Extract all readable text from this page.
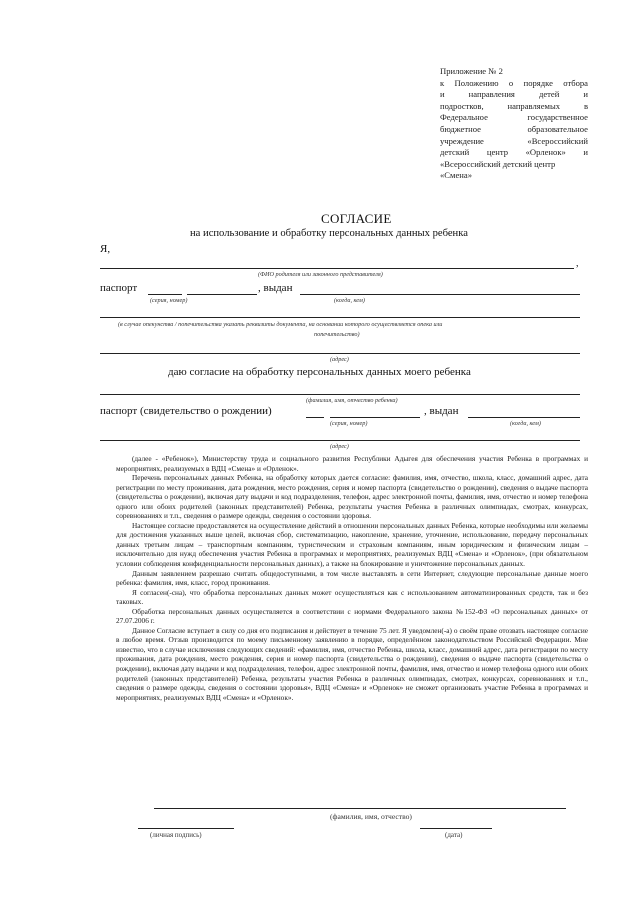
Приложение № 2
к Положению о порядке отбора
и направления детей и
подростков, направляемых в
Федеральное государственное
бюджетное образовательное
учреждение «Всероссийский
детский центр «Орленок» и
«Всероссийский детский центр
«Смена»
СОГЛАСИЕ
на использование и обработку персональных данных ребенка
Я,
,
(ФИО родителя или законного представителя)
паспорт	, выдан
(серия, номер)	(когда, кем)
(в случае опекунства / попечительства указать реквизиты документа, на основании которого осуществляется опека или
попечительство)
(адрес)
даю согласие на обработку персональных данных моего ребенка
(фамилия, имя, отчество ребенка)
паспорт (свидетельство о рождении)	, выдан
(серия, номер)	(когда, кем)
(адрес)

(далее - «Ребенок»), Министерству труда и социального развития Республики Адыгея для обеспечения участия Ребенка в программах и мероприятиях, реализуемых в ВДЦ «Смена» и «Орленок».

Перечень персональных данных Ребенка, на обработку которых дается согласие: фамилия, имя, отчество, школа, класс, домашний адрес, дата регистрации по месту проживания, дата рождения, место рождения, серия и номер паспорта (свидетельство о рождении), сведения о выдаче паспорта (свидетельства о рождении), включая дату выдачи и код подразделения, телефон, адрес электронной почты, фамилия, имя, отчество и номер телефона одного или обоих родителей (законных представителей) Ребенка, результаты участия Ребенка в различных олимпиадах, смотрах, конкурсах, соревнованиях и т.п., сведения о размере одежды, сведения о состоянии здоровья.

Настоящее согласие предоставляется на осуществление действий в отношении персональных данных Ребенка, которые необходимы или желаемы для достижения указанных выше целей, включая сбор, систематизацию, накопление, хранение, уточнение, использование, передачу персональных данных третьим лицам – транспортным компаниям, туристическим и страховым компаниям, иным юридическим и физическим лицам – исключительно для нужд обеспечения участия Ребенка в программах и мероприятиях, реализуемых ВДЦ «Смена» и «Орленок», (при обязательном условии соблюдения конфиденциальности персональных данных), а также на блокирование и уничтожение персональных данных.

Данным заявлением разрешаю считать общедоступными, в том числе выставлять в сети Интернет, следующие персональные данные моего ребенка: фамилия, имя, класс, город проживания.

Я согласен(-сна), что обработка персональных данных может осуществляться как с использованием автоматизированных средств, так и без таковых.

Обработка персональных данных осуществляется в соответствии с нормами Федерального закона №152-ФЗ «О персональных данных» от 27.07.2006 г.

Данное Согласие вступает в силу со дня его подписания и действует в течение 75 лет. Я уведомлен(-а) о своём праве отозвать настоящее согласие в любое время. Отзыв производится по моему письменному заявлению в порядке, определённом законодательством Российской Федерации. Мне известно, что в случае исключения следующих сведений: «фамилия, имя, отчество Ребенка, школа, класс, домашний адрес, дата регистрации по месту проживания, дата рождения, место рождения, серия и номер паспорта (свидетельства о рождении), сведения о выдаче паспорта (свидетельства о рождении), включая дату выдачи и код подразделения, телефон, адрес электронной почты, фамилия, имя, отчество и номер телефона одного или обоих родителей (законных представителей) Ребенка, результаты участия Ребенка в различных олимпиадах, смотрах, конкурсах, соревнованиях и т.п., сведения о размере одежды, сведения о состоянии здоровья», ВДЦ «Смена» и «Орленок» не сможет организовать участие Ребенка в программах и мероприятиях, реализуемых ВДЦ «Смена» и «Орленок».

(фамилия, имя, отчество)
(личная подпись)	(дата)
